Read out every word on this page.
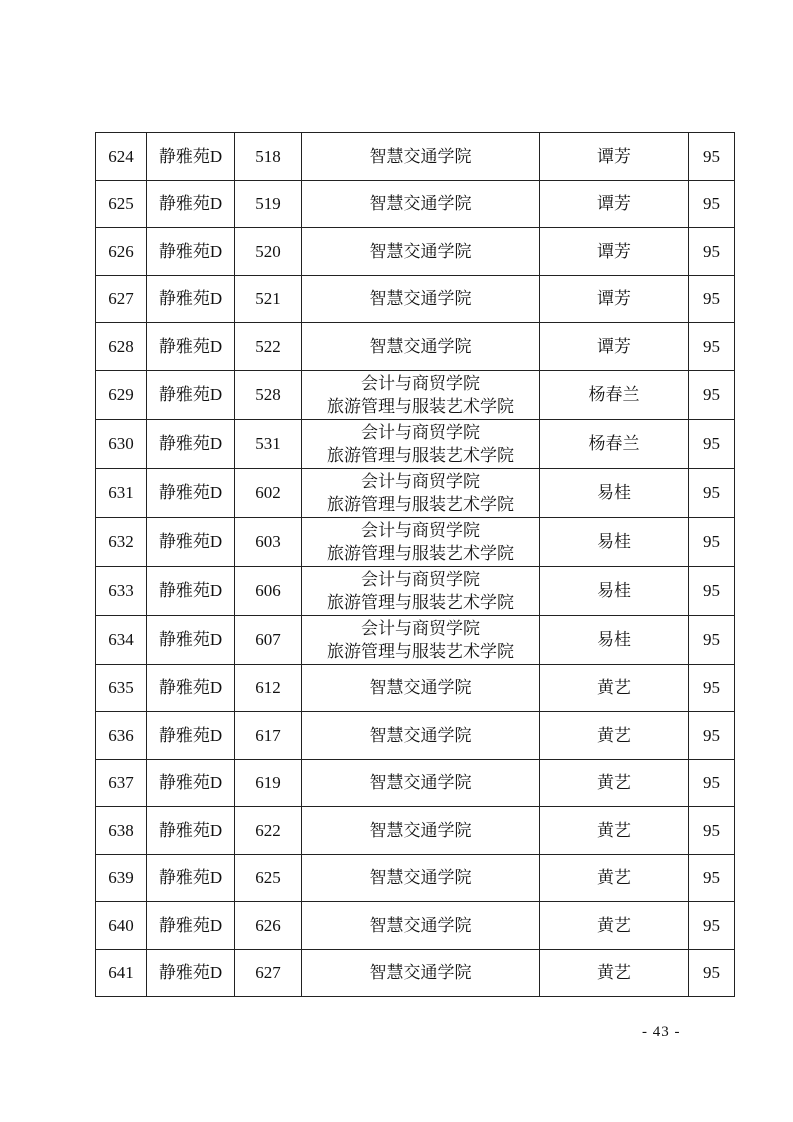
624	静雅苑D	518	智慧交通学院	谭芳	95
625	静雅苑D	519	智慧交通学院	谭芳	95
626	静雅苑D	520	智慧交通学院	谭芳	95
627	静雅苑D	521	智慧交通学院	谭芳	95
628	静雅苑D	522	智慧交通学院	谭芳	95
629	静雅苑D	528	会计与商贸学院
旅游管理与服装艺术学院	杨春兰	95
630	静雅苑D	531	会计与商贸学院
旅游管理与服装艺术学院	杨春兰	95
631	静雅苑D	602	会计与商贸学院
旅游管理与服装艺术学院	易桂	95
632	静雅苑D	603	会计与商贸学院
旅游管理与服装艺术学院	易桂	95
633	静雅苑D	606	会计与商贸学院
旅游管理与服装艺术学院	易桂	95
634	静雅苑D	607	会计与商贸学院
旅游管理与服装艺术学院	易桂	95
635	静雅苑D	612	智慧交通学院	黄艺	95
636	静雅苑D	617	智慧交通学院	黄艺	95
637	静雅苑D	619	智慧交通学院	黄艺	95
638	静雅苑D	622	智慧交通学院	黄艺	95
639	静雅苑D	625	智慧交通学院	黄艺	95
640	静雅苑D	626	智慧交通学院	黄艺	95
641	静雅苑D	627	智慧交通学院	黄艺	95
- 43 -
